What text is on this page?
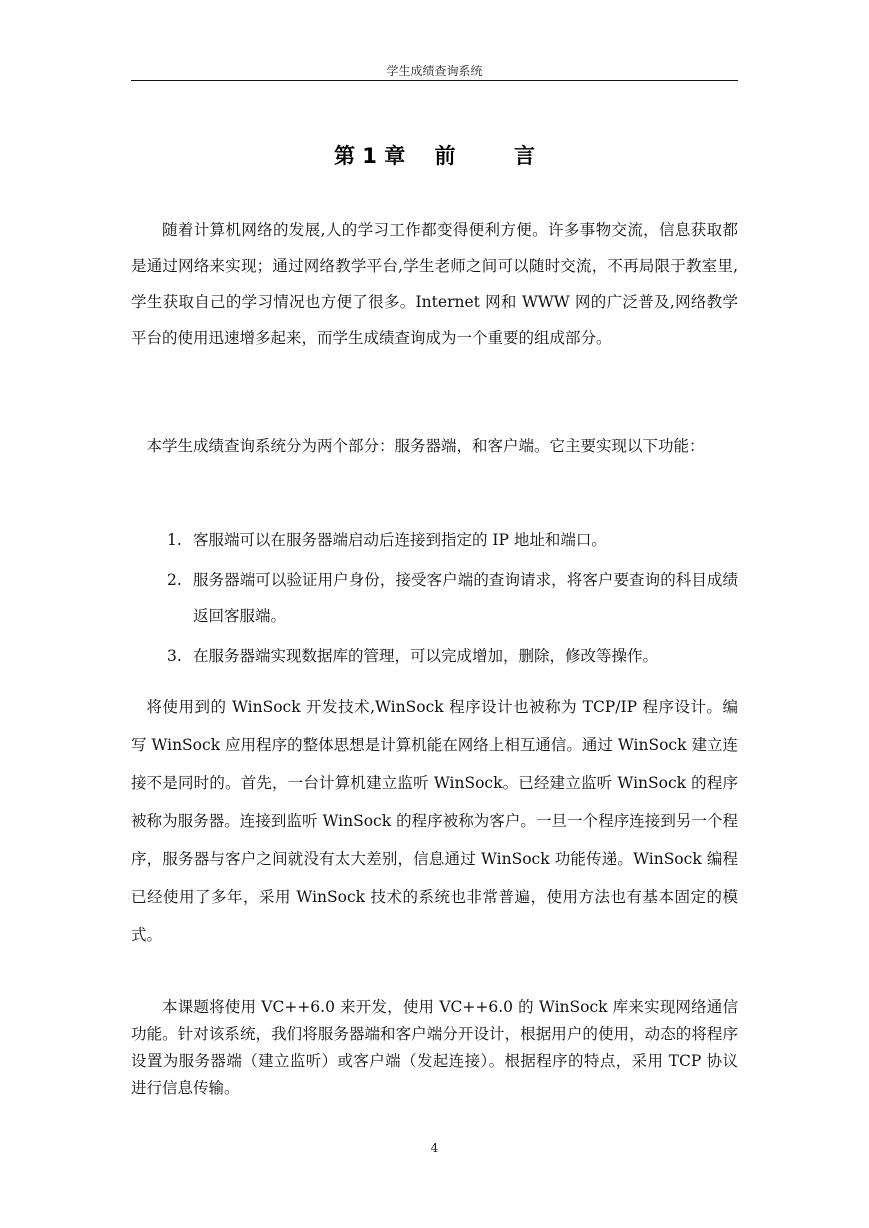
学生成绩查询系统
第 1 章 前	言
随着计算机网络的发展,人的学习工作都变得便利方便。许多事物交流，信息获取都是通过网络来实现；通过网络教学平台,学生老师之间可以随时交流，不再局限于教室里,学生获取自己的学习情况也方便了很多。Internet 网和 WWW 网的广泛普及,网络教学平台的使用迅速增多起来，而学生成绩查询成为一个重要的组成部分。
本学生成绩查询系统分为两个部分：服务器端，和客户端。它主要实现以下功能：
1. 客服端可以在服务器端启动后连接到指定的 IP 地址和端口。
2. 服务器端可以验证用户身份，接受客户端的查询请求，将客户要查询的科目成绩返回客服端。
3. 在服务器端实现数据库的管理，可以完成增加，删除，修改等操作。
将使用到的 WinSock 开发技术,WinSock 程序设计也被称为 TCP/IP 程序设计。编写 WinSock 应用程序的整体思想是计算机能在网络上相互通信。通过 WinSock 建立连接不是同时的。首先，一台计算机建立监听 WinSock。已经建立监听 WinSock 的程序被称为服务器。连接到监听 WinSock 的程序被称为客户。一旦一个程序连接到另一个程序，服务器与客户之间就没有太大差别，信息通过 WinSock 功能传递。WinSock 编程已经使用了多年，采用 WinSock 技术的系统也非常普遍，使用方法也有基本固定的模式。
本课题将使用 VC++6.0 来开发，使用 VC++6.0 的 WinSock 库来实现网络通信功能。针对该系统，我们将服务器端和客户端分开设计，根据用户的使用，动态的将程序设置为服务器端（建立监听）或客户端（发起连接）。根据程序的特点，采用 TCP 协议进行信息传输。
4
